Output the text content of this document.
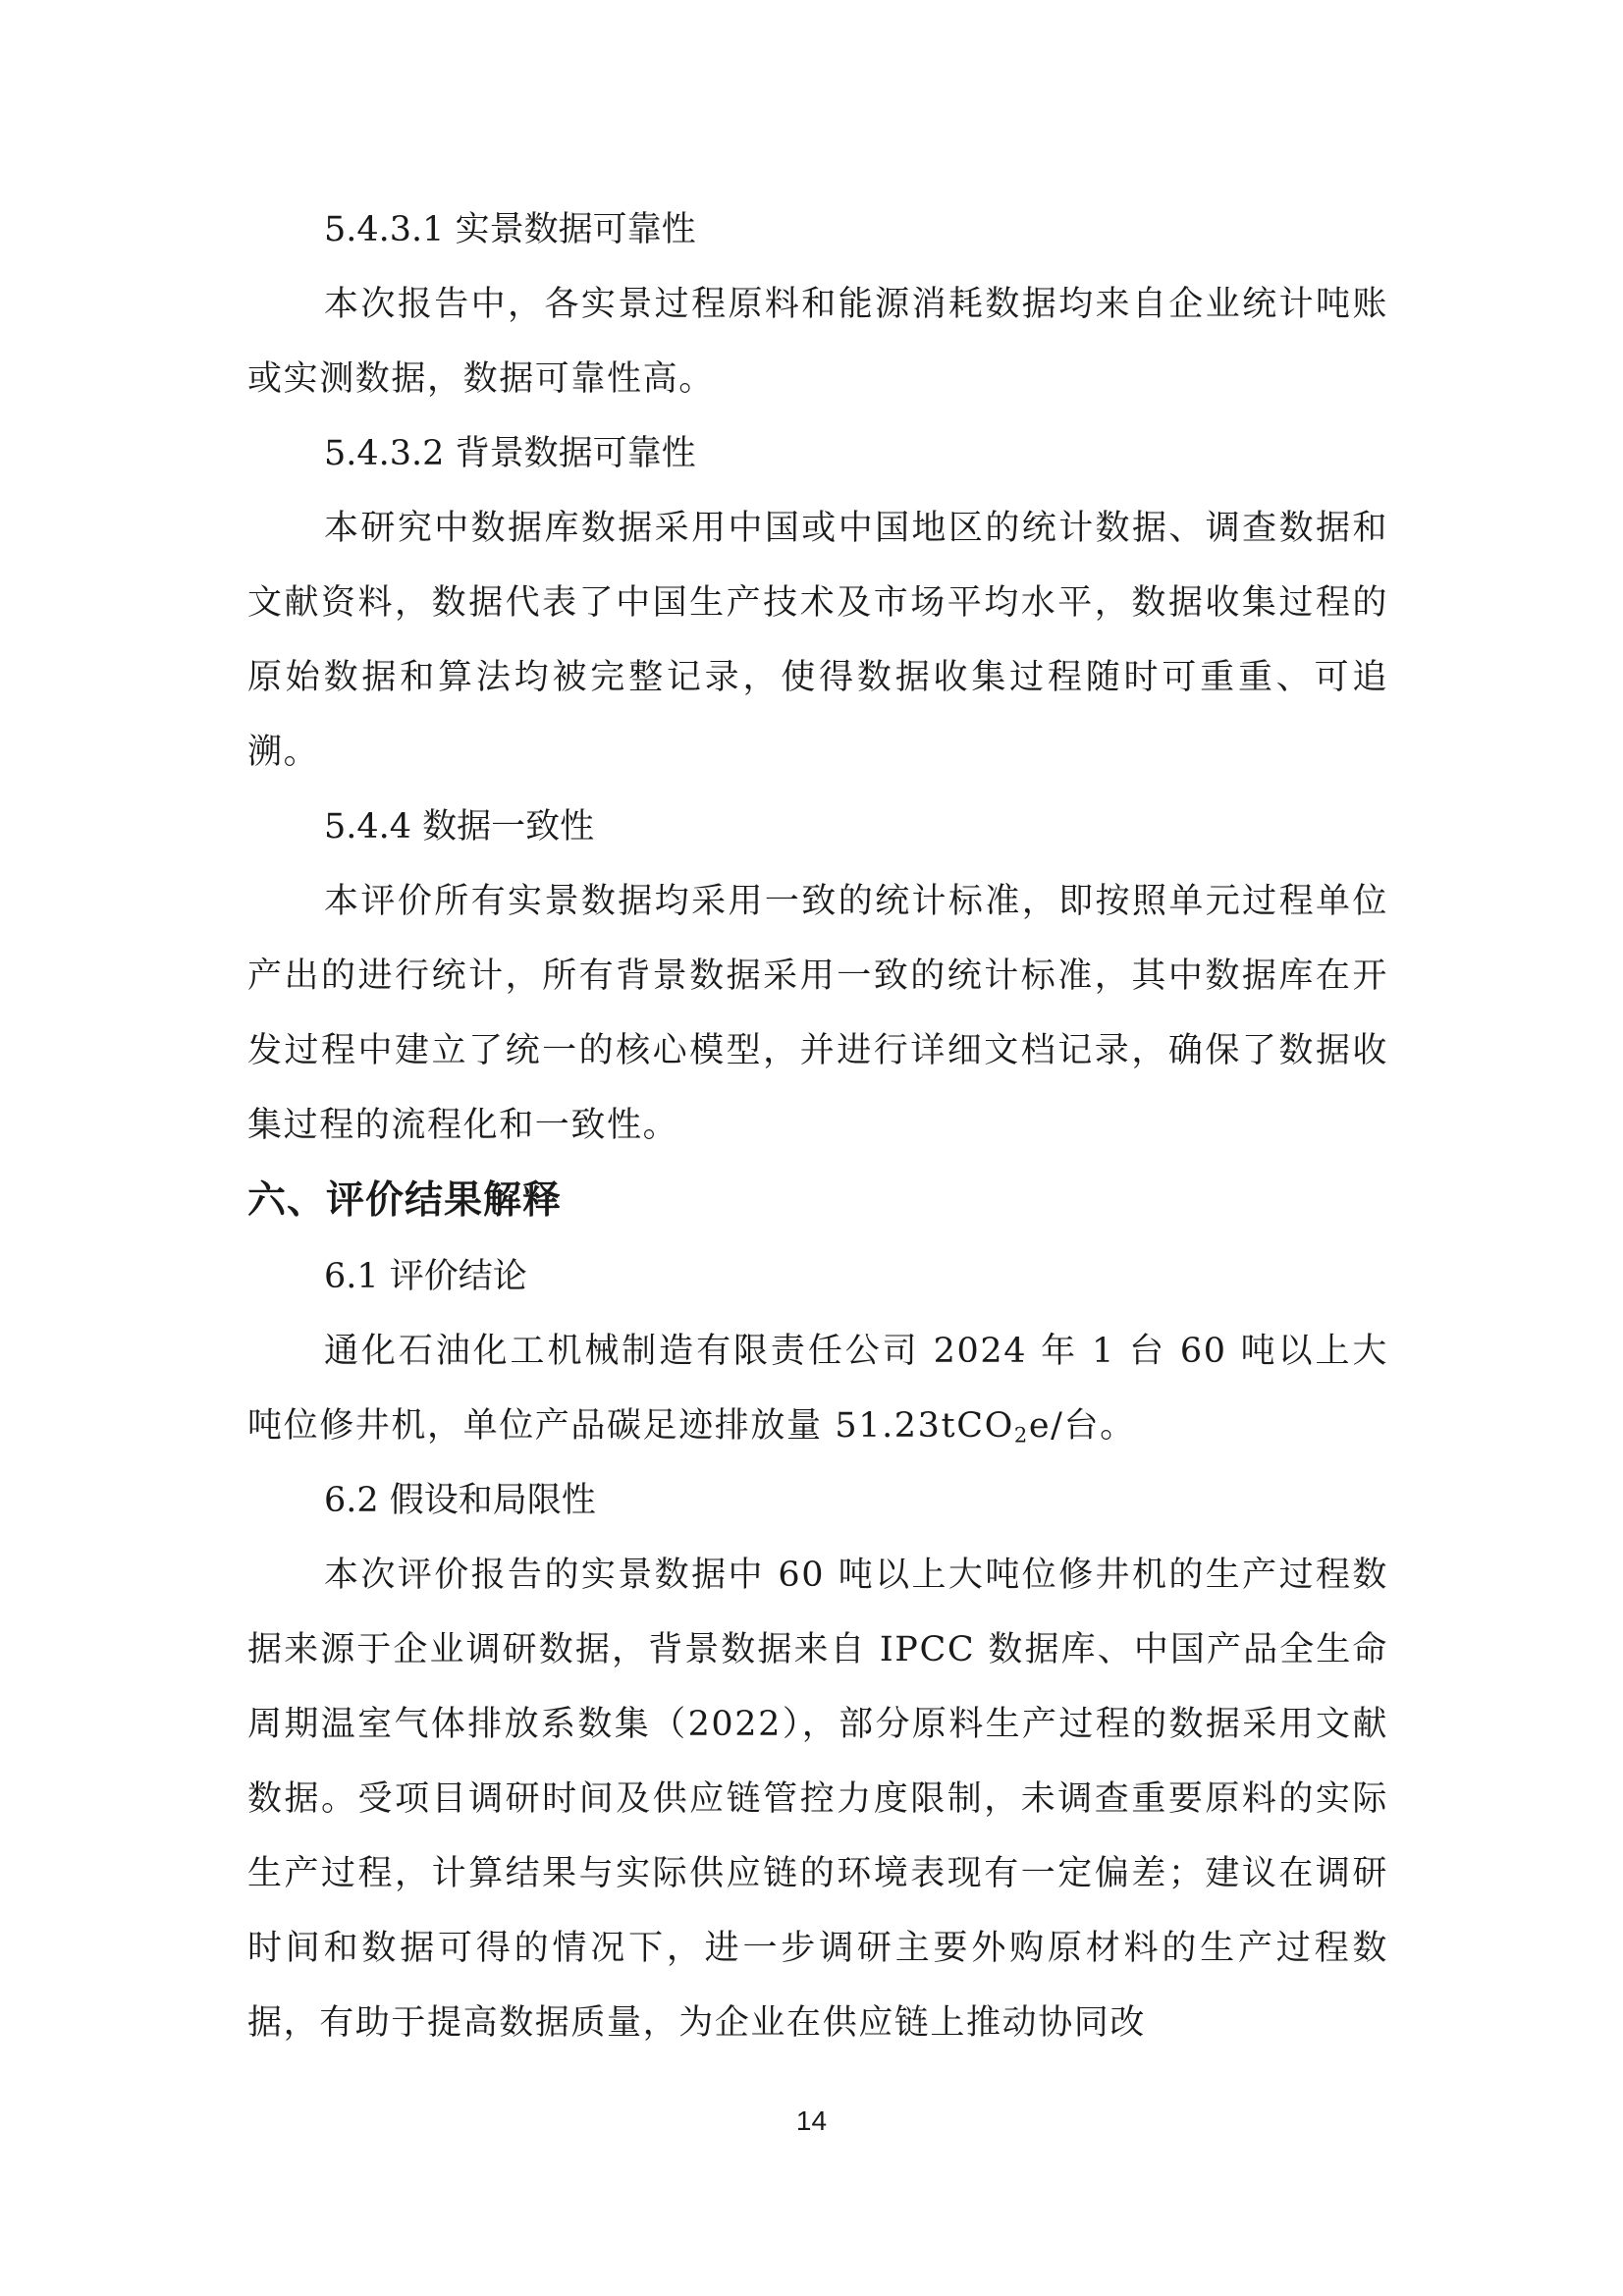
5.4.3.1 实景数据可靠性

本次报告中，各实景过程原料和能源消耗数据均来自企业统计吨账或实测数据，数据可靠性高。

5.4.3.2 背景数据可靠性

本研究中数据库数据采用中国或中国地区的统计数据、调查数据和文献资料，数据代表了中国生产技术及市场平均水平，数据收集过程的原始数据和算法均被完整记录，使得数据收集过程随时可重重、可追溯。

5.4.4 数据一致性

本评价所有实景数据均采用一致的统计标准，即按照单元过程单位产出的进行统计，所有背景数据采用一致的统计标准，其中数据库在开发过程中建立了统一的核心模型，并进行详细文档记录，确保了数据收集过程的流程化和一致性。

六、评价结果解释

6.1 评价结论

通化石油化工机械制造有限责任公司 2024 年 1 台 60 吨以上大吨位修井机，单位产品碳足迹排放量 51.23tCO$_2$e/台。

6.2 假设和局限性

本次评价报告的实景数据中 60 吨以上大吨位修井机的生产过程数据来源于企业调研数据，背景数据来自 IPCC 数据库、中国产品全生命周期温室气体排放系数集（2022），部分原料生产过程的数据采用文献数据。受项目调研时间及供应链管控力度限制，未调查重要原料的实际生产过程，计算结果与实际供应链的环境表现有一定偏差；建议在调研时间和数据可得的情况下，进一步调研主要外购原材料的生产过程数据，有助于提高数据质量，为企业在供应链上推动协同改

14
